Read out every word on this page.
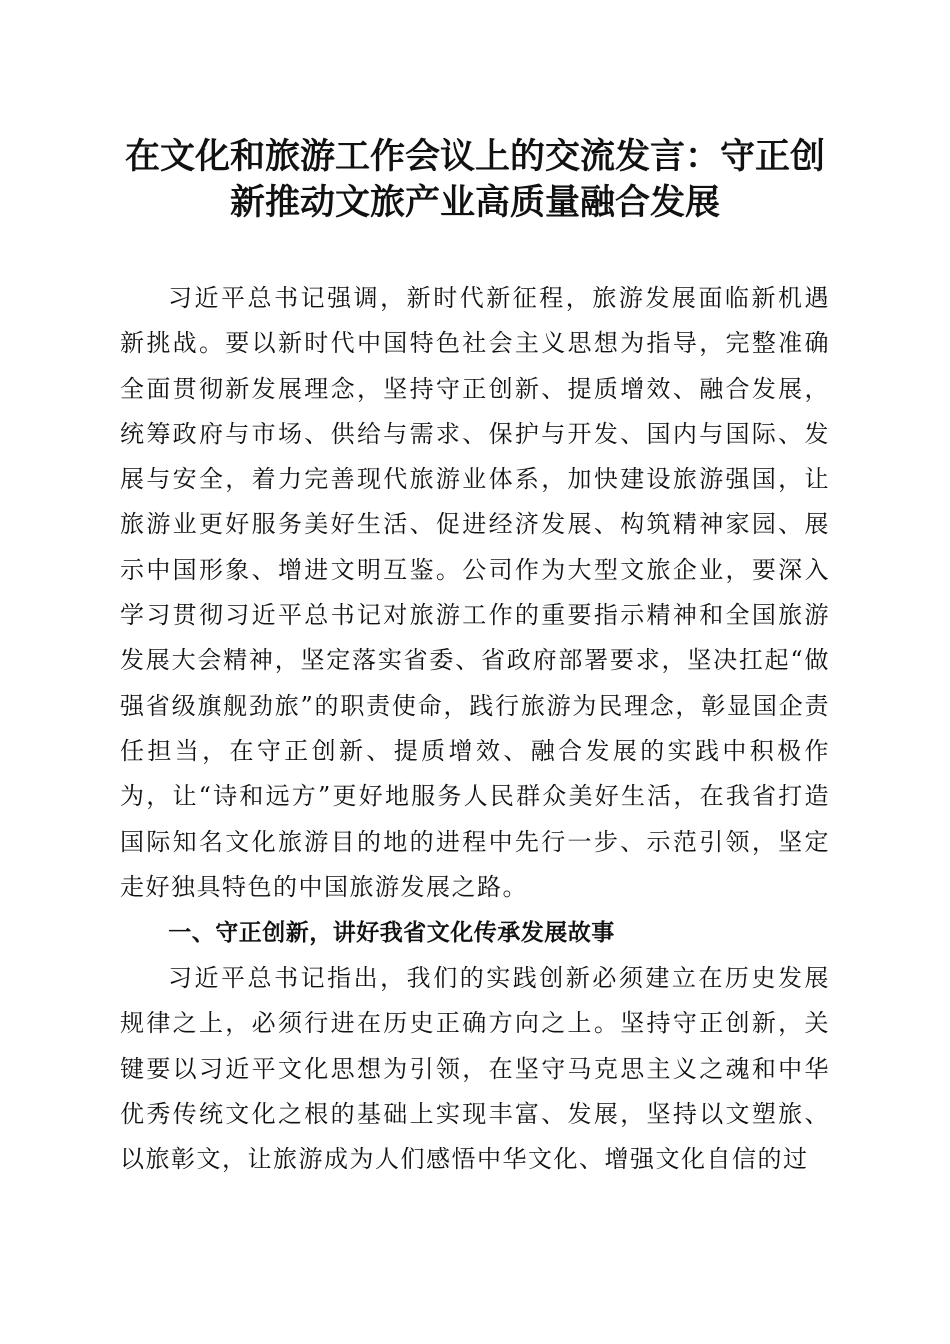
在文化和旅游工作会议上的交流发言：守正创新推动文旅产业高质量融合发展

习近平总书记强调，新时代新征程，旅游发展面临新机遇新挑战。要以新时代中国特色社会主义思想为指导，完整准确全面贯彻新发展理念，坚持守正创新、提质增效、融合发展，统筹政府与市场、供给与需求、保护与开发、国内与国际、发展与安全，着力完善现代旅游业体系，加快建设旅游强国，让旅游业更好服务美好生活、促进经济发展、构筑精神家园、展示中国形象、增进文明互鉴。公司作为大型文旅企业，要深入学习贯彻习近平总书记对旅游工作的重要指示精神和全国旅游发展大会精神，坚定落实省委、省政府部署要求，坚决扛起“做强省级旗舰劲旅”的职责使命，践行旅游为民理念，彰显国企责任担当，在守正创新、提质增效、融合发展的实践中积极作为，让“诗和远方”更好地服务人民群众美好生活，在我省打造国际知名文化旅游目的地的进程中先行一步、示范引领，坚定走好独具特色的中国旅游发展之路。

一、守正创新，讲好我省文化传承发展故事

习近平总书记指出，我们的实践创新必须建立在历史发展规律之上，必须行进在历史正确方向之上。坚持守正创新，关键要以习近平文化思想为引领，在坚守马克思主义之魂和中华优秀传统文化之根的基础上实现丰富、发展，坚持以文塑旅、以旅彰文，让旅游成为人们感悟中华文化、增强文化自信的过
